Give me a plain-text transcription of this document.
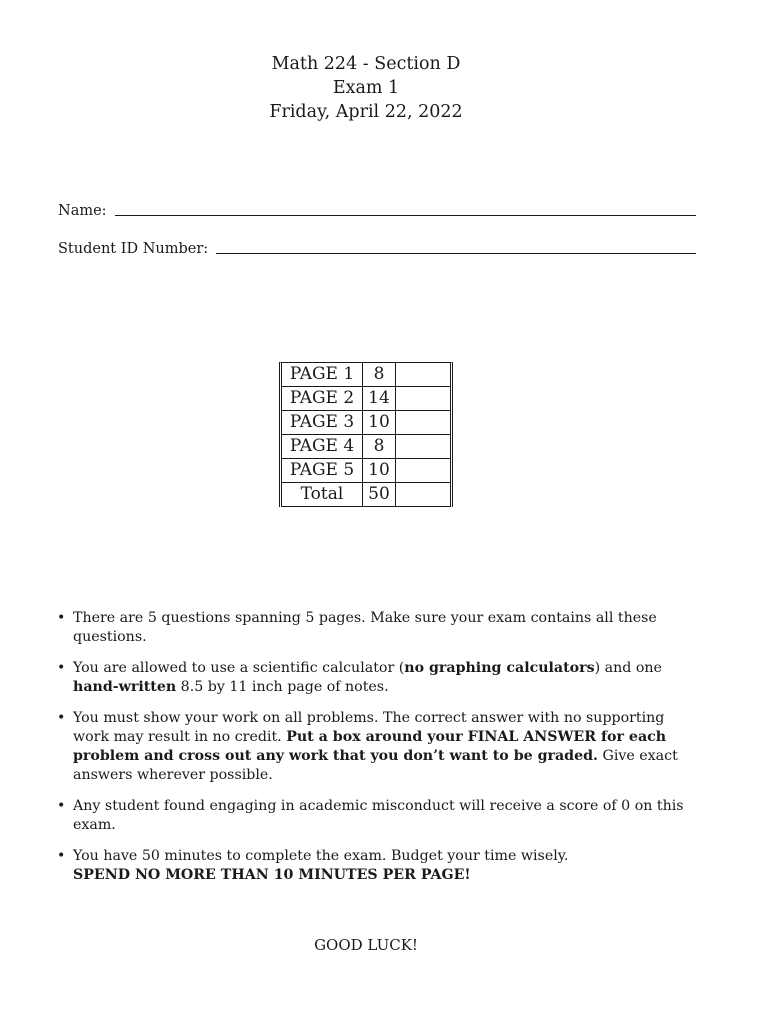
Math 224 - Section D
Exam 1
Friday, April 22, 2022
Name:
Student ID Number:
PAGE 1	8	
PAGE 2	14	
PAGE 3	10	
PAGE 4	8	
PAGE 5	10	
Total	50	
• There are 5 questions spanning 5 pages. Make sure your exam contains all these questions.
• You are allowed to use a scientific calculator (no graphing calculators) and one hand-written 8.5 by 11 inch page of notes.
• You must show your work on all problems. The correct answer with no supporting work may result in no credit. Put a box around your FINAL ANSWER for each problem and cross out any work that you don’t want to be graded. Give exact answers wherever possible.
• Any student found engaging in academic misconduct will receive a score of 0 on this exam.
• You have 50 minutes to complete the exam. Budget your time wisely.
SPEND NO MORE THAN 10 MINUTES PER PAGE!
GOOD LUCK!
